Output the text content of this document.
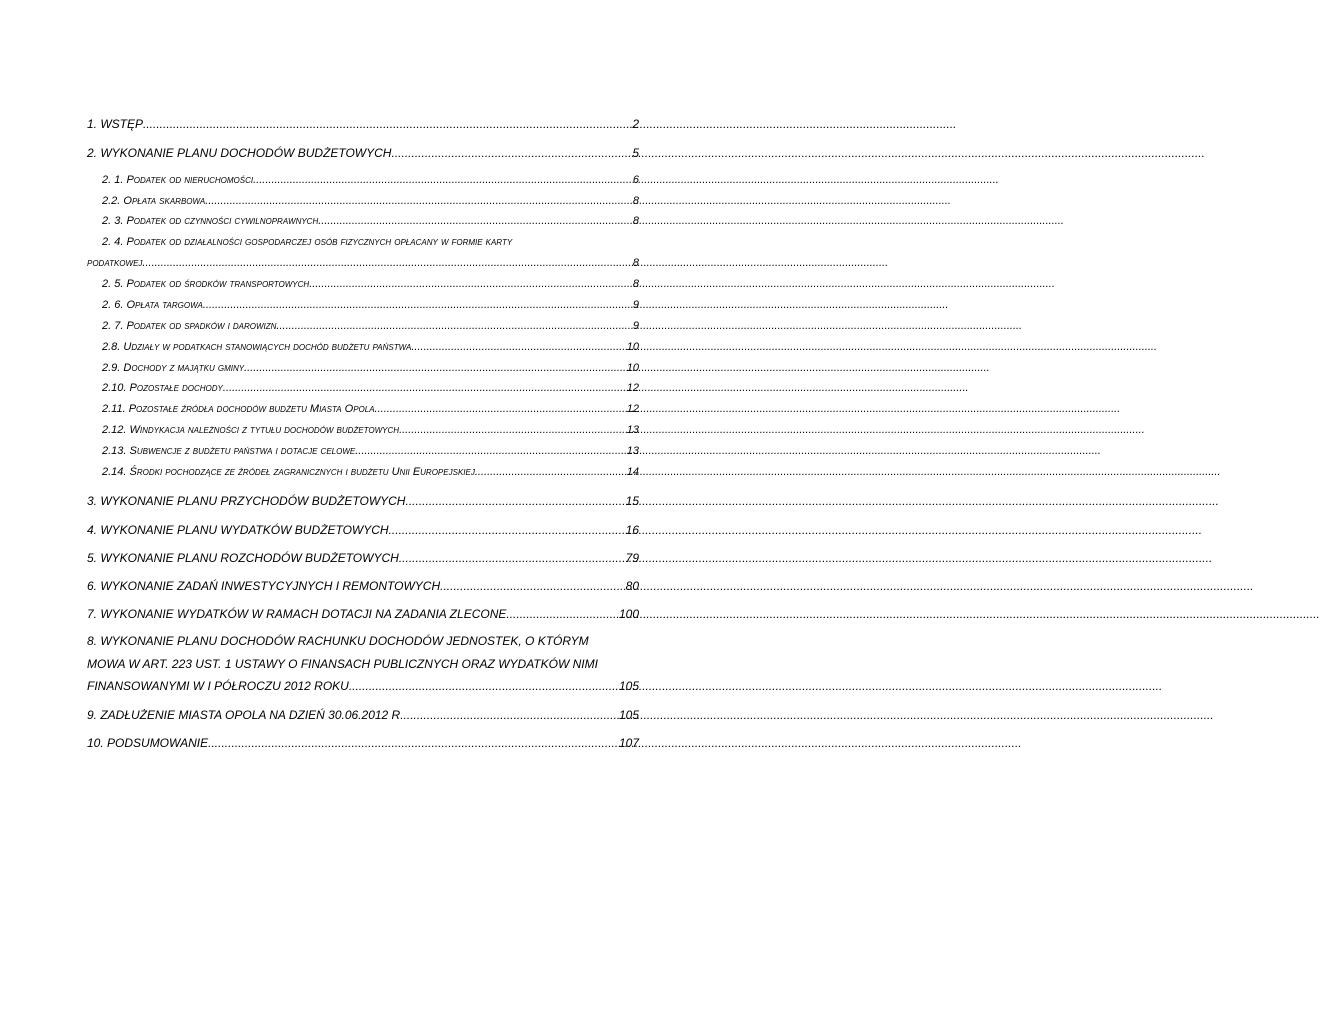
1. WSTĘP .....	2
2. WYKONANIE PLANU DOCHODÓW BUDŻETOWYCH .....	5
2. 1. Podatek od nieruchomości .....	6
2.2. Opłata skarbowa .....	8
2. 3. Podatek od czynności cywilnoprawnych .....	8
2. 4. Podatek od działalności gospodarczej osób fizycznych opłacany w formie karty
podatkowej .....	8
2. 5. Podatek od środków transportowych .....	8
2. 6. Opłata targowa .....	9
2. 7. Podatek od spadków i darowizn .....	9
2.8. Udziały w podatkach stanowiących dochód budżetu państwa .....	10
2.9. Dochody z majątku gminy .....	10
2.10. Pozostałe dochody .....	12
2.11. Pozostałe źródła dochodów budżetu Miasta Opola .....	12
2.12. Windykacja należności z tytułu dochodów budżetowych .....	13
2.13. Subwencje z budżetu państwa i dotacje celowe .....	13
2.14. Środki pochodzące ze źródeł zagranicznych i budżetu Unii Europejskiej .....	14
3. WYKONANIE PLANU PRZYCHODÓW BUDŻETOWYCH .....	15
4. WYKONANIE PLANU WYDATKÓW BUDŻETOWYCH .....	16
5. WYKONANIE PLANU ROZCHODÓW BUDŻETOWYCH .....	79
6. WYKONANIE ZADAŃ INWESTYCYJNYCH I REMONTOWYCH .....	80
7. WYKONANIE WYDATKÓW W RAMACH DOTACJI NA ZADANIA ZLECONE .....	100
8. WYKONANIE PLANU DOCHODÓW RACHUNKU DOCHODÓW JEDNOSTEK, O KTÓRYM
MOWA W ART. 223 UST. 1 USTAWY O FINANSACH PUBLICZNYCH ORAZ WYDATKÓW NIMI
FINANSOWANYMI W I PÓŁROCZU 2012 ROKU .....	105
9. ZADŁUŻENIE MIASTA OPOLA NA DZIEŃ 30.06.2012 R .....	105
10. PODSUMOWANIE .....	107
